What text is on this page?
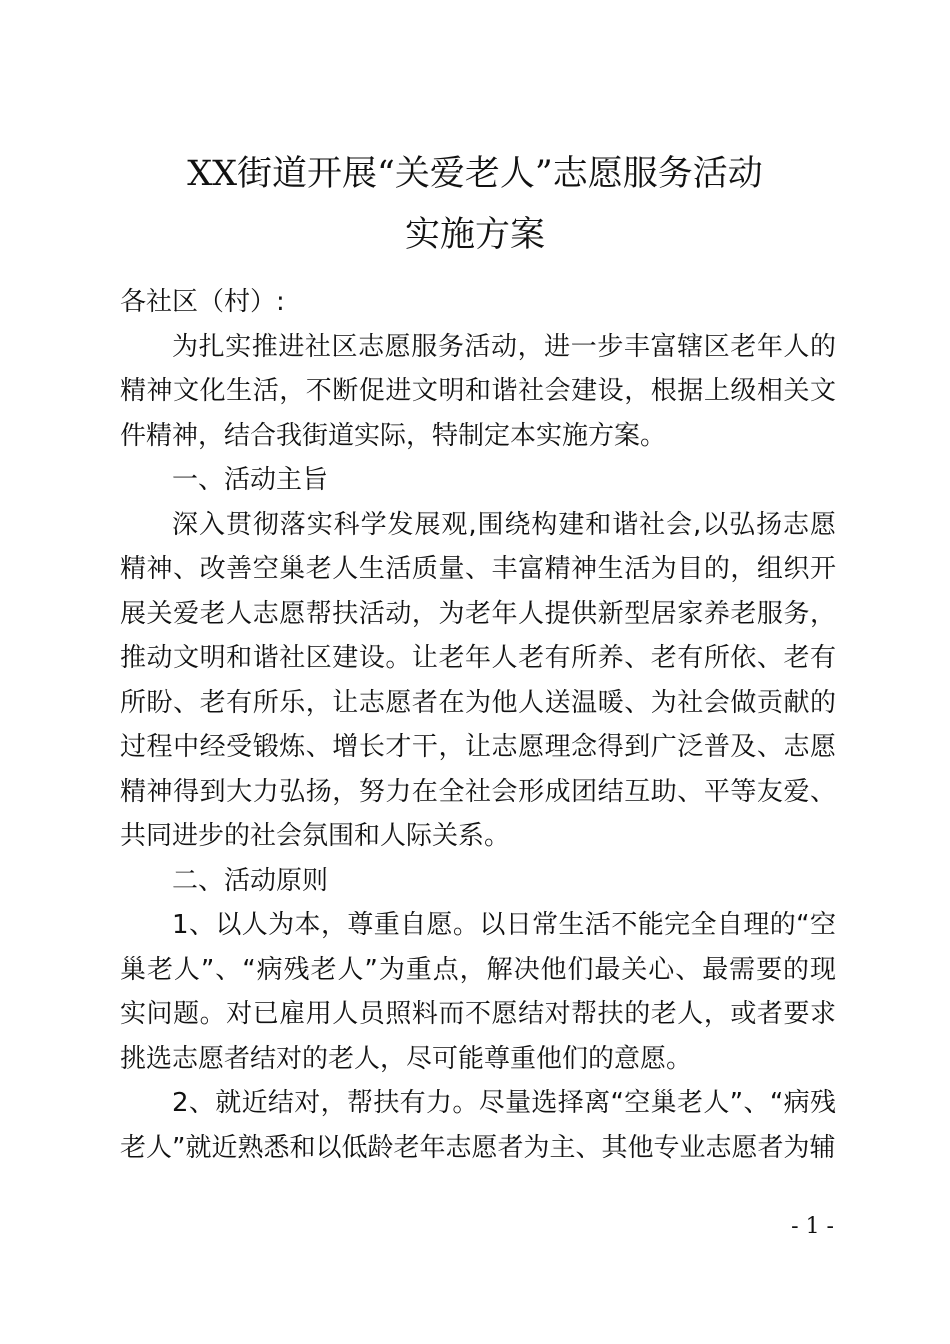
XX街道开展“关爱老人”志愿服务活动
实施方案

各社区（村）:

为扎实推进社区志愿服务活动，进一步丰富辖区老年人的精神文化生活，不断促进文明和谐社会建设，根据上级相关文件精神，结合我街道实际，特制定本实施方案。

一、活动主旨

深入贯彻落实科学发展观,围绕构建和谐社会,以弘扬志愿精神、改善空巢老人生活质量、丰富精神生活为目的，组织开展关爱老人志愿帮扶活动，为老年人提供新型居家养老服务，推动文明和谐社区建设。让老年人老有所养、老有所依、老有所盼、老有所乐，让志愿者在为他人送温暖、为社会做贡献的过程中经受锻炼、增长才干，让志愿理念得到广泛普及、志愿精神得到大力弘扬，努力在全社会形成团结互助、平等友爱、共同进步的社会氛围和人际关系。

二、活动原则

1、以人为本，尊重自愿。以日常生活不能完全自理的“空巢老人”、“病残老人”为重点，解决他们最关心、最需要的现实问题。对已雇用人员照料而不愿结对帮扶的老人，或者要求挑选志愿者结对的老人，尽可能尊重他们的意愿。

2、就近结对，帮扶有力。尽量选择离“空巢老人”、“病残老人”就近熟悉和以低龄老年志愿者为主、其他专业志愿者为辅

- 1 -
